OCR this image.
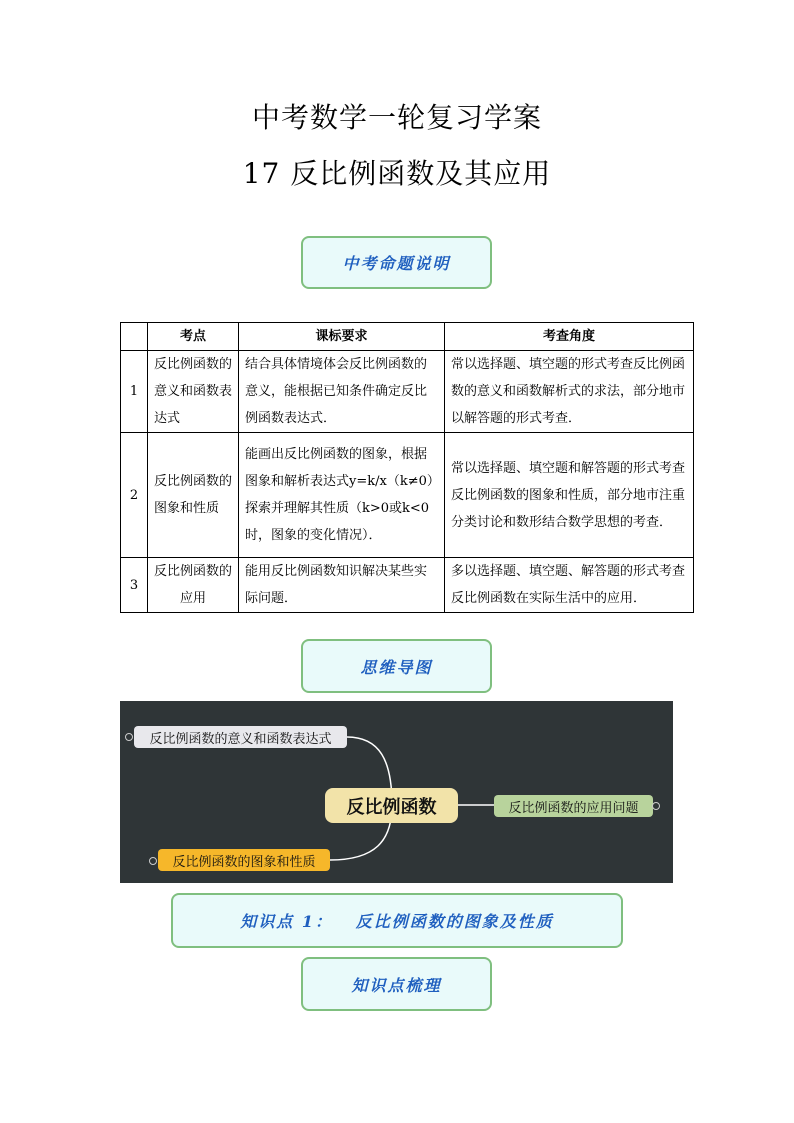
中考数学一轮复习学案
17 反比例函数及其应用
中考命题说明
	考点	课标要求	考查角度
1	反比例函数的意义和函数表达式	结合具体情境体会反比例函数的意义，能根据已知条件确定反比例函数表达式．	常以选择题、填空题的形式考查反比例函数的意义和函数解析式的求法，部分地市以解答题的形式考查．
2	反比例函数的图象和性质	能画出反比例函数的图象，根据图象和解析表达式y=k/x（k≠0）探索并理解其性质（k>0或k<0时，图象的变化情况）．	常以选择题、填空题和解答题的形式考查反比例函数的图象和性质，部分地市注重分类讨论和数形结合数学思想的考查．
3	反比例函数的应用	能用反比例函数知识解决某些实际问题．	多以选择题、填空题、解答题的形式考查反比例函数在实际生活中的应用．
思维导图
反比例函数的意义和函数表达式
反比例函数	反比例函数的应用问题
反比例函数的图象和性质
知识点 1：   反比例函数的图象及性质
知识点梳理
